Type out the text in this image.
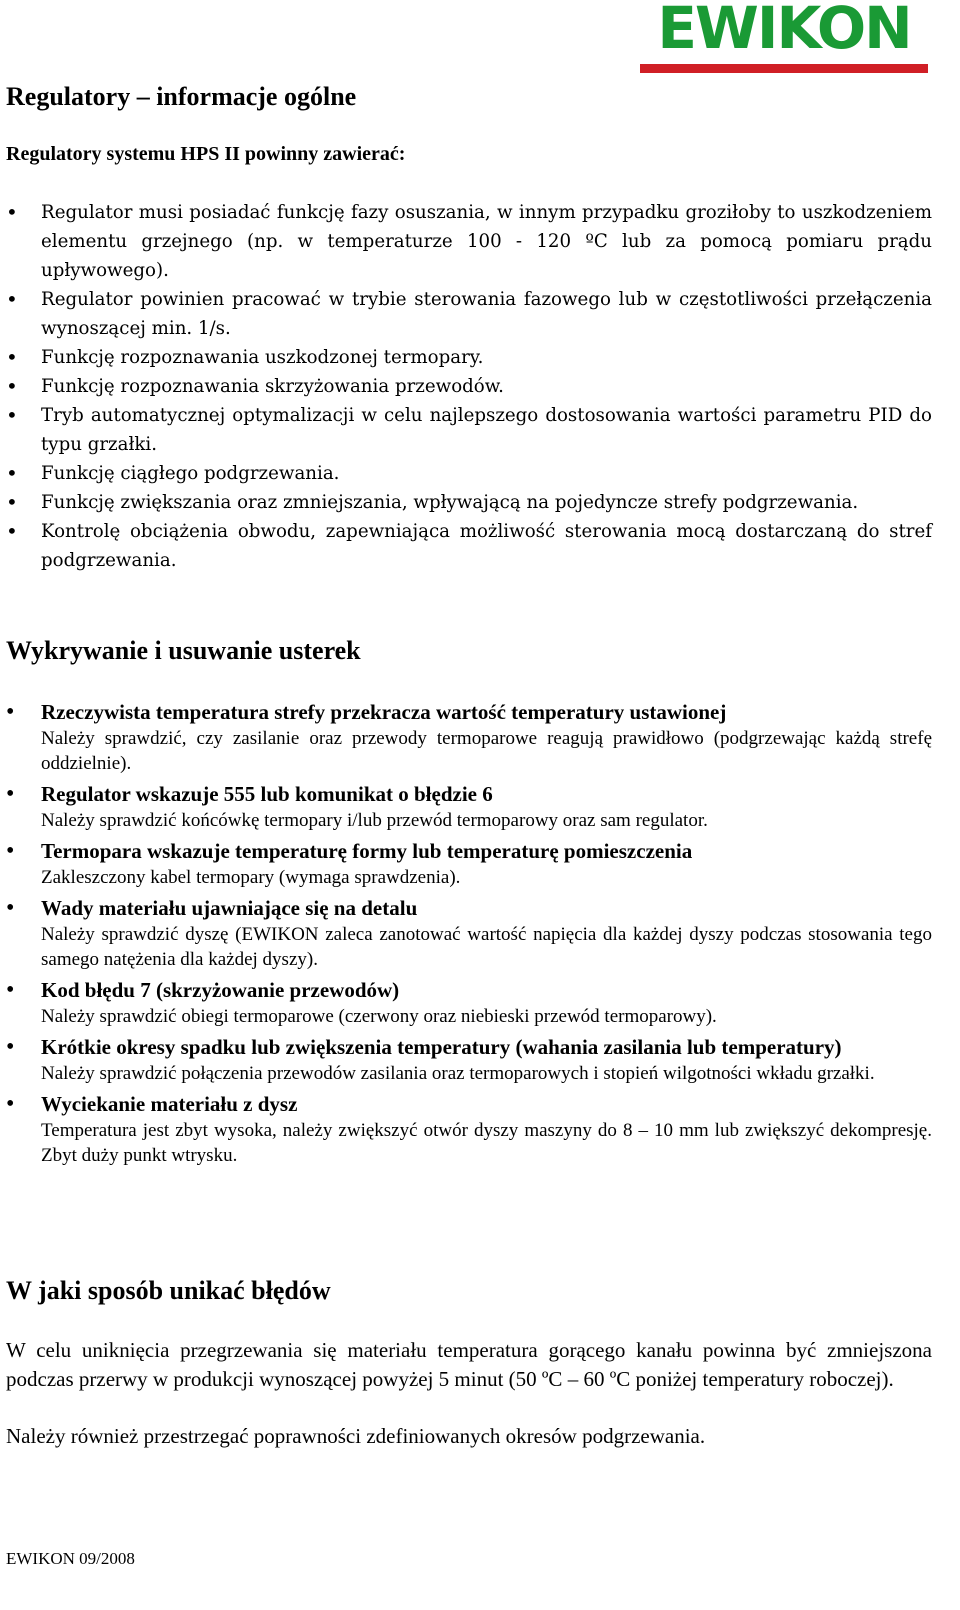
EWIKON
Regulatory – informacje ogólne
Regulatory systemu HPS II powinny zawierać:
• Regulator musi posiadać funkcję fazy osuszania, w innym przypadku groziłoby to uszkodzeniem elementu grzejnego (np. w temperaturze 100 - 120 ºC lub za pomocą pomiaru prądu upływowego).
• Regulator powinien pracować w trybie sterowania fazowego lub w częstotliwości przełączenia wynoszącej min. 1/s.
• Funkcję rozpoznawania uszkodzonej termopary.
• Funkcję rozpoznawania skrzyżowania przewodów.
• Tryb automatycznej optymalizacji w celu najlepszego dostosowania wartości parametru PID do typu grzałki.
• Funkcję ciągłego podgrzewania.
• Funkcję zwiększania oraz zmniejszania, wpływającą na pojedyncze strefy podgrzewania.
• Kontrolę obciążenia obwodu, zapewniająca możliwość sterowania mocą dostarczaną do stref podgrzewania.
Wykrywanie i usuwanie usterek
• Rzeczywista temperatura strefy przekracza wartość temperatury ustawionej
Należy sprawdzić, czy zasilanie oraz przewody termoparowe reagują prawidłowo (podgrzewając każdą strefę oddzielnie).
• Regulator wskazuje 555 lub komunikat o błędzie 6
Należy sprawdzić końcówkę termopary i/lub przewód termoparowy oraz sam regulator.
• Termopara wskazuje temperaturę formy lub temperaturę pomieszczenia
Zakleszczony kabel termopary (wymaga sprawdzenia).
• Wady materiału ujawniające się na detalu
Należy sprawdzić dyszę (EWIKON zaleca zanotować wartość napięcia dla każdej dyszy podczas stosowania tego samego natężenia dla każdej dyszy).
• Kod błędu 7 (skrzyżowanie przewodów)
Należy sprawdzić obiegi termoparowe (czerwony oraz niebieski przewód termoparowy).
• Krótkie okresy spadku lub zwiększenia temperatury (wahania zasilania lub temperatury)
Należy sprawdzić połączenia przewodów zasilania oraz termoparowych i stopień wilgotności wkładu grzałki.
• Wyciekanie materiału z dysz
Temperatura jest zbyt wysoka, należy zwiększyć otwór dyszy maszyny do 8 – 10 mm lub zwiększyć dekompresję. Zbyt duży punkt wtrysku.
W jaki sposób unikać błędów

W celu uniknięcia przegrzewania się materiału temperatura gorącego kanału powinna być zmniejszona podczas przerwy w produkcji wynoszącej powyżej 5 minut (50 ºC – 60 ºC poniżej temperatury roboczej).

Należy również przestrzegać poprawności zdefiniowanych okresów podgrzewania.

EWIKON 09/2008
